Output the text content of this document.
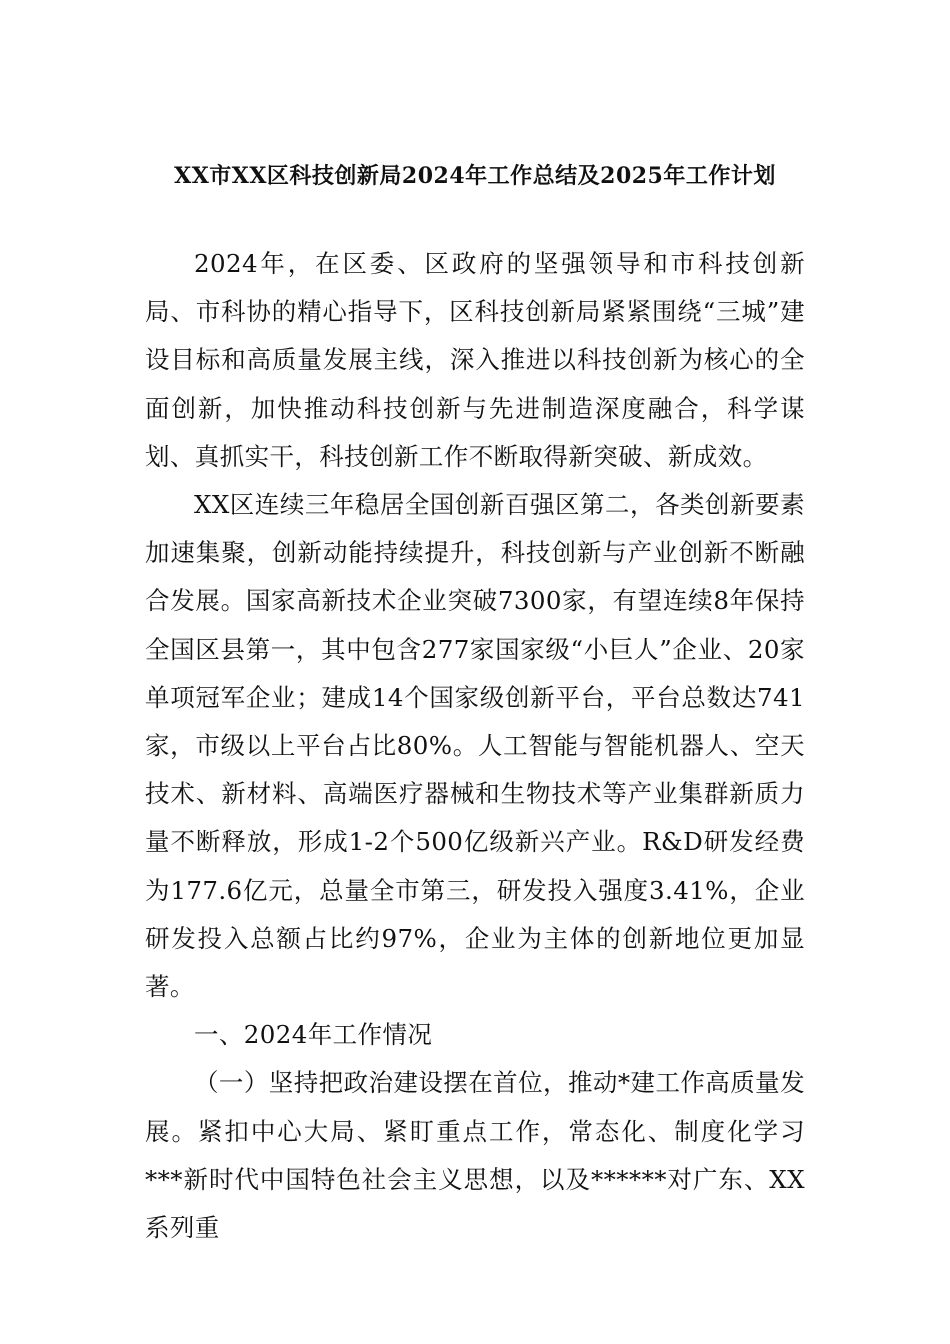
XX市XX区科技创新局2024年工作总结及2025年工作计划

2024年，在区委、区政府的坚强领导和市科技创新局、市科协的精心指导下，区科技创新局紧紧围绕“三城”建设目标和高质量发展主线，深入推进以科技创新为核心的全面创新，加快推动科技创新与先进制造深度融合，科学谋划、真抓实干，科技创新工作不断取得新突破、新成效。

XX区连续三年稳居全国创新百强区第二，各类创新要素加速集聚，创新动能持续提升，科技创新与产业创新不断融合发展。国家高新技术企业突破7300家，有望连续8年保持全国区县第一，其中包含277家国家级“小巨人”企业、20家单项冠军企业；建成14个国家级创新平台，平台总数达741家，市级以上平台占比80%。人工智能与智能机器人、空天技术、新材料、高端医疗器械和生物技术等产业集群新质力量不断释放，形成1-2个500亿级新兴产业。R&D研发经费为177.6亿元，总量全市第三，研发投入强度3.41%，企业研发投入总额占比约97%，企业为主体的创新地位更加显著。

一、2024年工作情况

（一）坚持把政治建设摆在首位，推动*建工作高质量发展。紧扣中心大局、紧盯重点工作，常态化、制度化学习***新时代中国特色社会主义思想，以及******对广东、XX系列重
